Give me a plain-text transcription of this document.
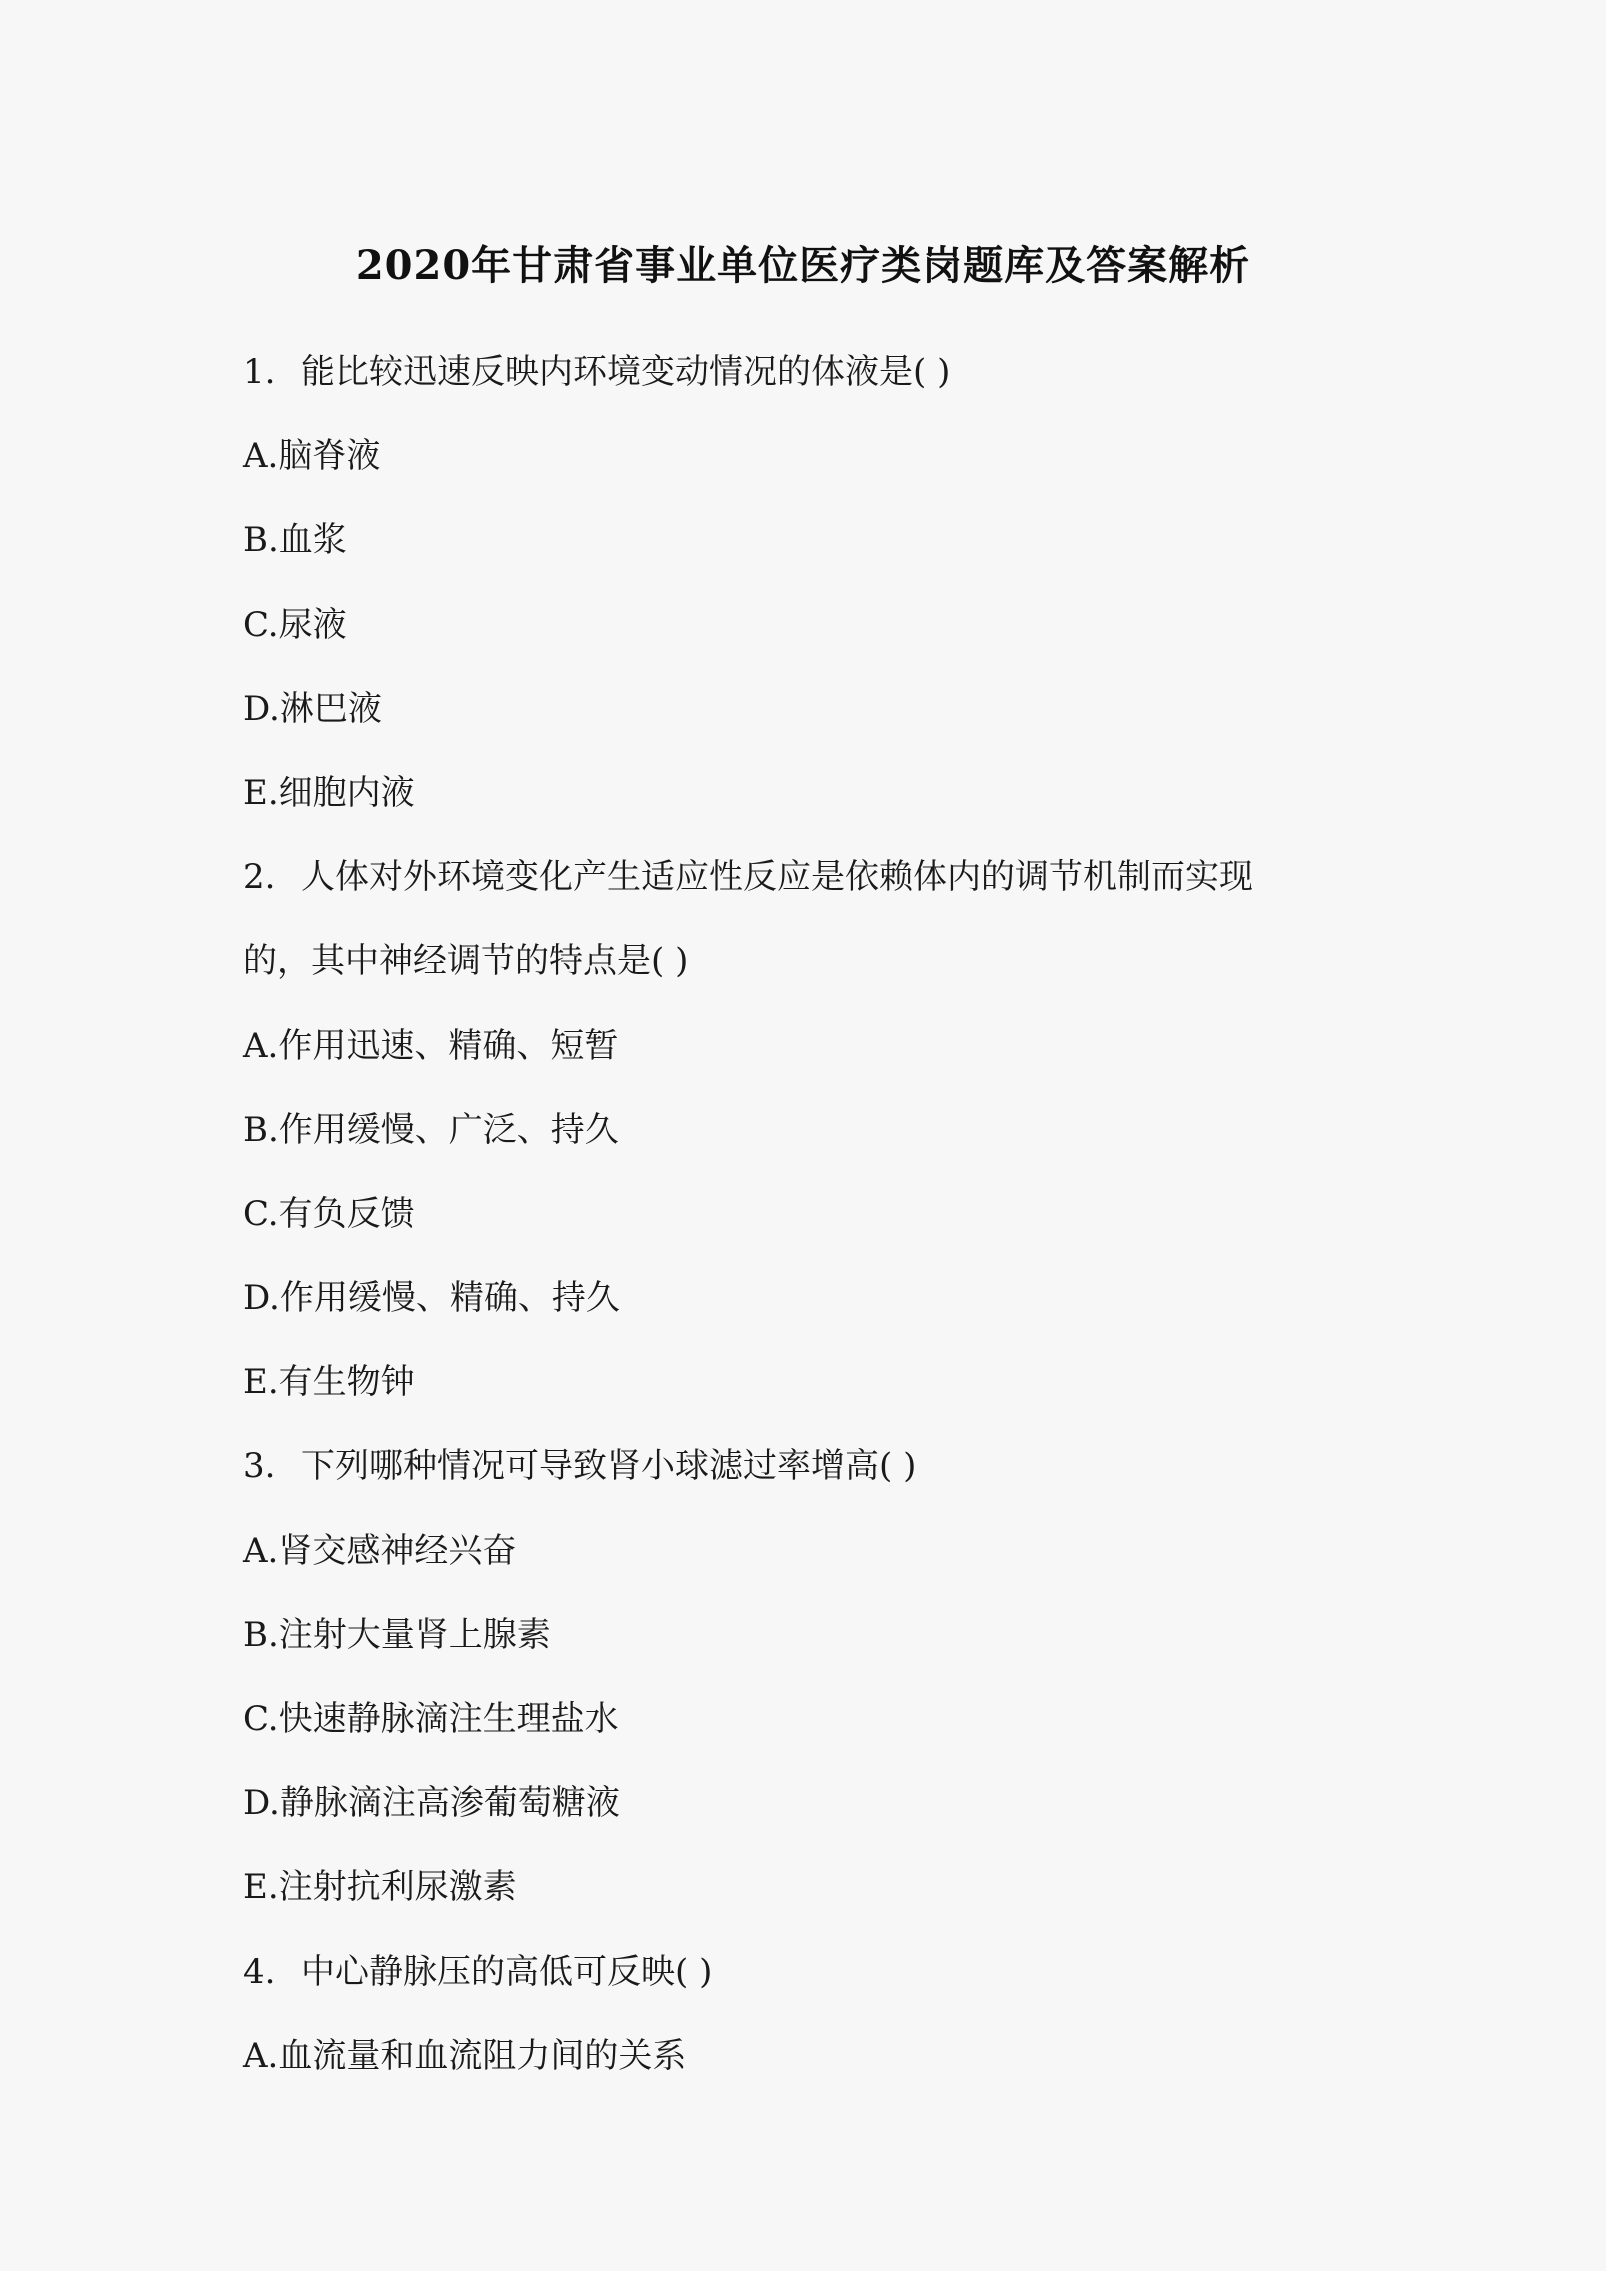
2020年甘肃省事业单位医疗类岗题库及答案解析
1. 能比较迅速反映内环境变动情况的体液是( )
A.脑脊液
B.血浆
C.尿液
D.淋巴液
E.细胞内液
2. 人体对外环境变化产生适应性反应是依赖体内的调节机制而实现
的，其中神经调节的特点是( )
A.作用迅速、精确、短暂
B.作用缓慢、广泛、持久
C.有负反馈
D.作用缓慢、精确、持久
E.有生物钟
3. 下列哪种情况可导致肾小球滤过率增高( )
A.肾交感神经兴奋
B.注射大量肾上腺素
C.快速静脉滴注生理盐水
D.静脉滴注高渗葡萄糖液
E.注射抗利尿激素
4. 中心静脉压的高低可反映( )
A.血流量和血流阻力间的关系
